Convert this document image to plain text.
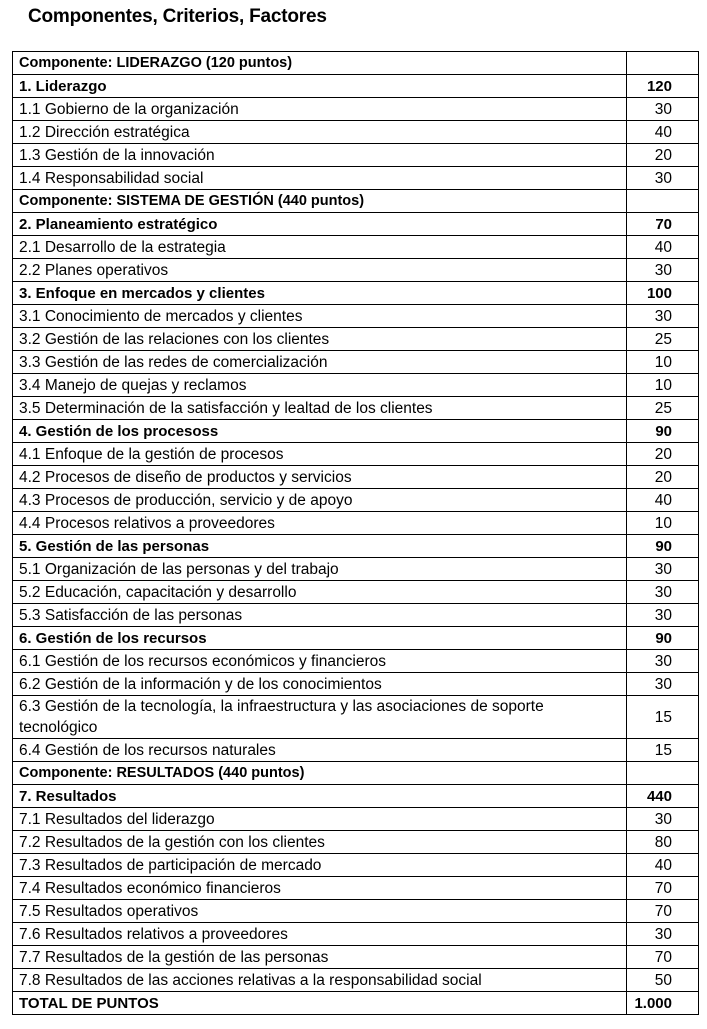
Componentes, Criterios, Factores
Componente: LIDERAZGO (120 puntos)	
1. Liderazgo	120
1.1 Gobierno de la organización	30
1.2 Dirección estratégica	40
1.3 Gestión de la innovación	20
1.4 Responsabilidad social	30
Componente: SISTEMA DE GESTIÓN (440 puntos)	
2. Planeamiento estratégico	70
2.1 Desarrollo de la estrategia	40
2.2 Planes operativos	30
3. Enfoque en mercados y clientes	100
3.1 Conocimiento de mercados y clientes	30
3.2 Gestión de las relaciones con los clientes	25
3.3 Gestión de las redes de comercialización	10
3.4 Manejo de quejas y reclamos	10
3.5 Determinación de la satisfacción y lealtad de los clientes	25
4. Gestión de los procesoss	90
4.1 Enfoque de la gestión de procesos	20
4.2 Procesos de diseño de productos y servicios	20
4.3 Procesos de producción, servicio y de apoyo	40
4.4 Procesos relativos a proveedores	10
5. Gestión de las personas	90
5.1 Organización de las personas y del trabajo	30
5.2 Educación, capacitación y desarrollo	30
5.3 Satisfacción de las personas	30
6. Gestión de los recursos	90
6.1 Gestión de los recursos económicos y financieros	30
6.2 Gestión de la información y de los conocimientos	30
6.3 Gestión de la tecnología, la infraestructura y las asociaciones de soporte tecnológico	15
6.4 Gestión de los recursos naturales	15
Componente: RESULTADOS (440 puntos)	
7. Resultados	440
7.1 Resultados del liderazgo	30
7.2 Resultados de la gestión con los clientes	80
7.3 Resultados de participación de mercado	40
7.4 Resultados económico financieros	70
7.5 Resultados operativos	70
7.6 Resultados relativos a proveedores	30
7.7 Resultados de la gestión de las personas	70
7.8 Resultados de las acciones relativas a la responsabilidad social	50
TOTAL DE PUNTOS	1.000
